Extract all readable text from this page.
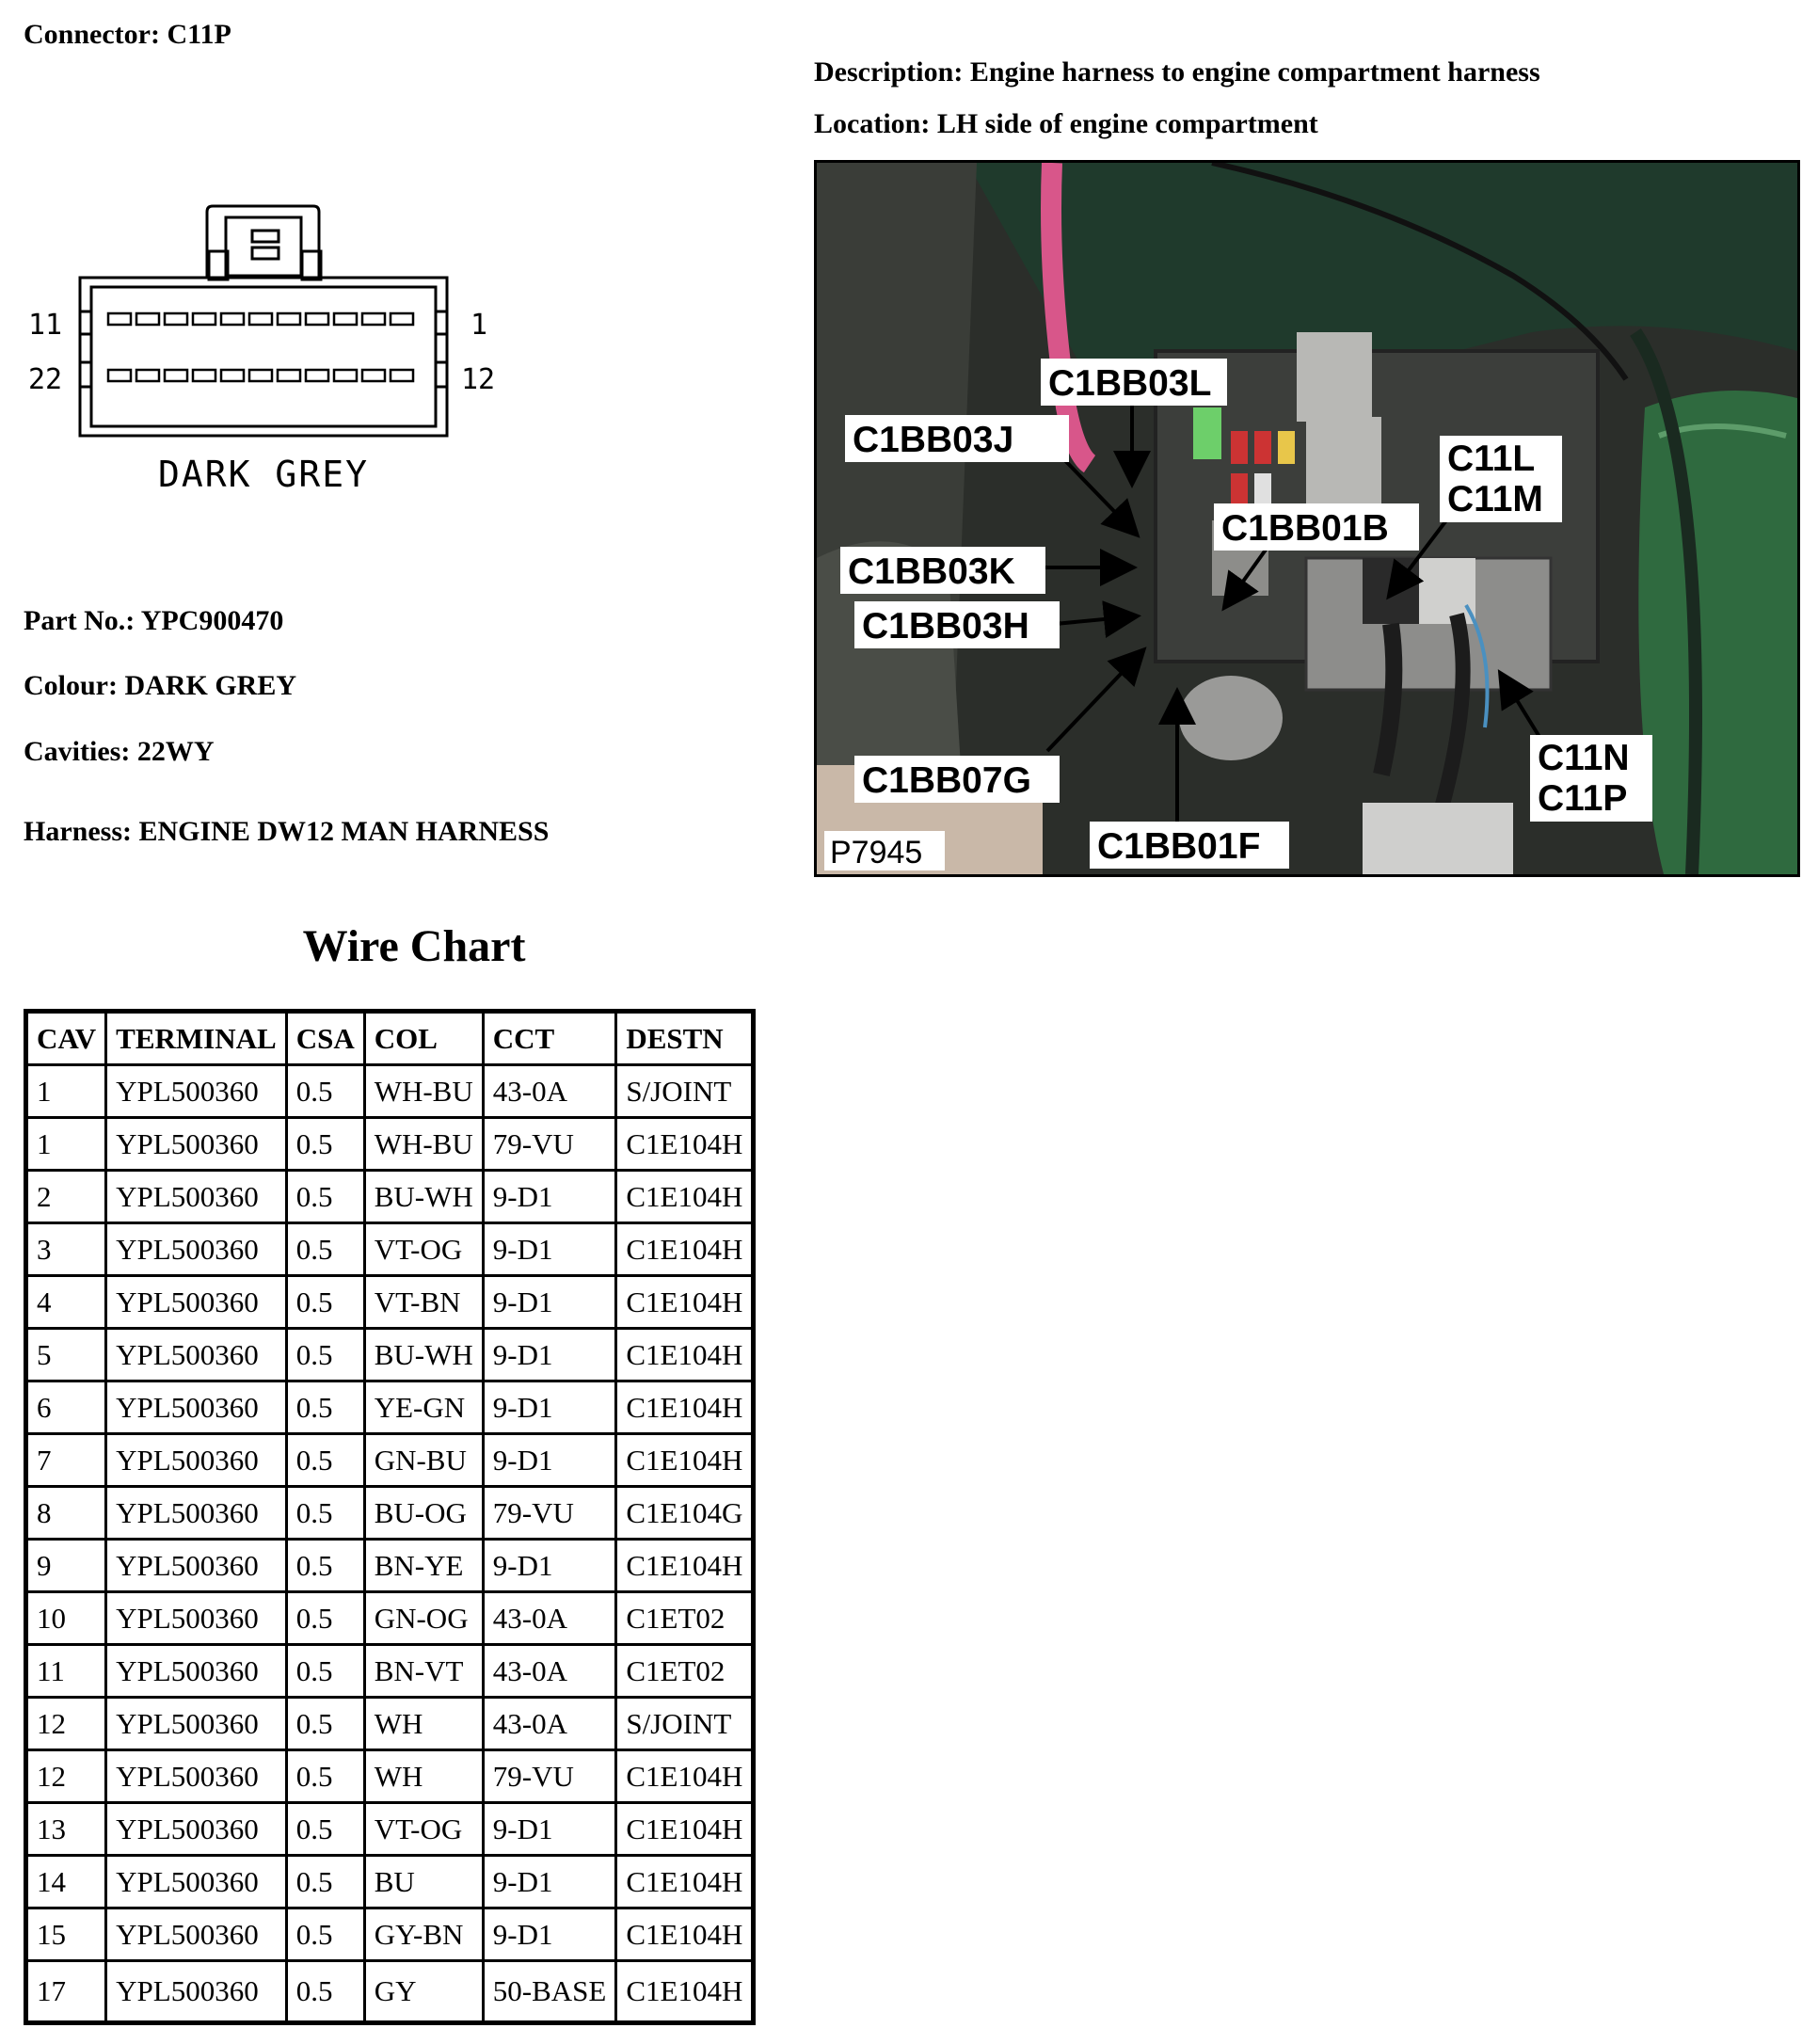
Connector: C11P
Description: Engine harness to engine compartment harness
Location: LH side of engine compartment
11	1
22	12
DARK GREY
Part No.: YPC900470
Colour: DARK GREY
Cavities: 22WY
Harness: ENGINE DW12 MAN HARNESS
C1BB03L
C1BB03J
C1BB01B
C11L
C11M
C1BB03K
C1BB03H
C11N
C11P
C1BB07G
C1BB01F
P7945
Wire Chart
CAV	TERMINAL	CSA	COL	CCT	DESTN
1	YPL500360	0.5	WH-BU	43-0A	S/JOINT
1	YPL500360	0.5	WH-BU	79-VU	C1E104H
2	YPL500360	0.5	BU-WH	9-D1	C1E104H
3	YPL500360	0.5	VT-OG	9-D1	C1E104H
4	YPL500360	0.5	VT-BN	9-D1	C1E104H
5	YPL500360	0.5	BU-WH	9-D1	C1E104H
6	YPL500360	0.5	YE-GN	9-D1	C1E104H
7	YPL500360	0.5	GN-BU	9-D1	C1E104H
8	YPL500360	0.5	BU-OG	79-VU	C1E104G
9	YPL500360	0.5	BN-YE	9-D1	C1E104H
10	YPL500360	0.5	GN-OG	43-0A	C1ET02
11	YPL500360	0.5	BN-VT	43-0A	C1ET02
12	YPL500360	0.5	WH	43-0A	S/JOINT
12	YPL500360	0.5	WH	79-VU	C1E104H
13	YPL500360	0.5	VT-OG	9-D1	C1E104H
14	YPL500360	0.5	BU	9-D1	C1E104H
15	YPL500360	0.5	GY-BN	9-D1	C1E104H
17	YPL500360	0.5	GY	50-BASE	C1E104H
